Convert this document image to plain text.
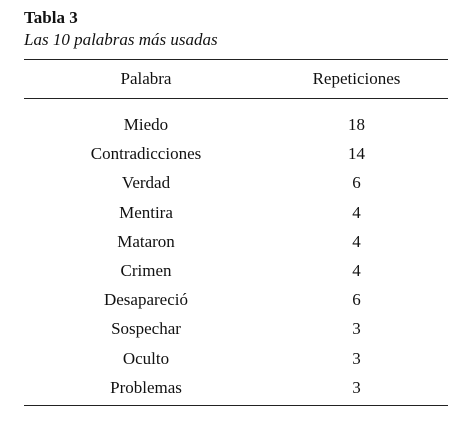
Tabla 3

Las 10 palabras más usadas

Palabra	Repeticiones
Miedo	18
Contradicciones	14
Verdad	6
Mentira	4
Mataron	4
Crimen	4
Desapareció	6
Sospechar	3
Oculto	3
Problemas	3
